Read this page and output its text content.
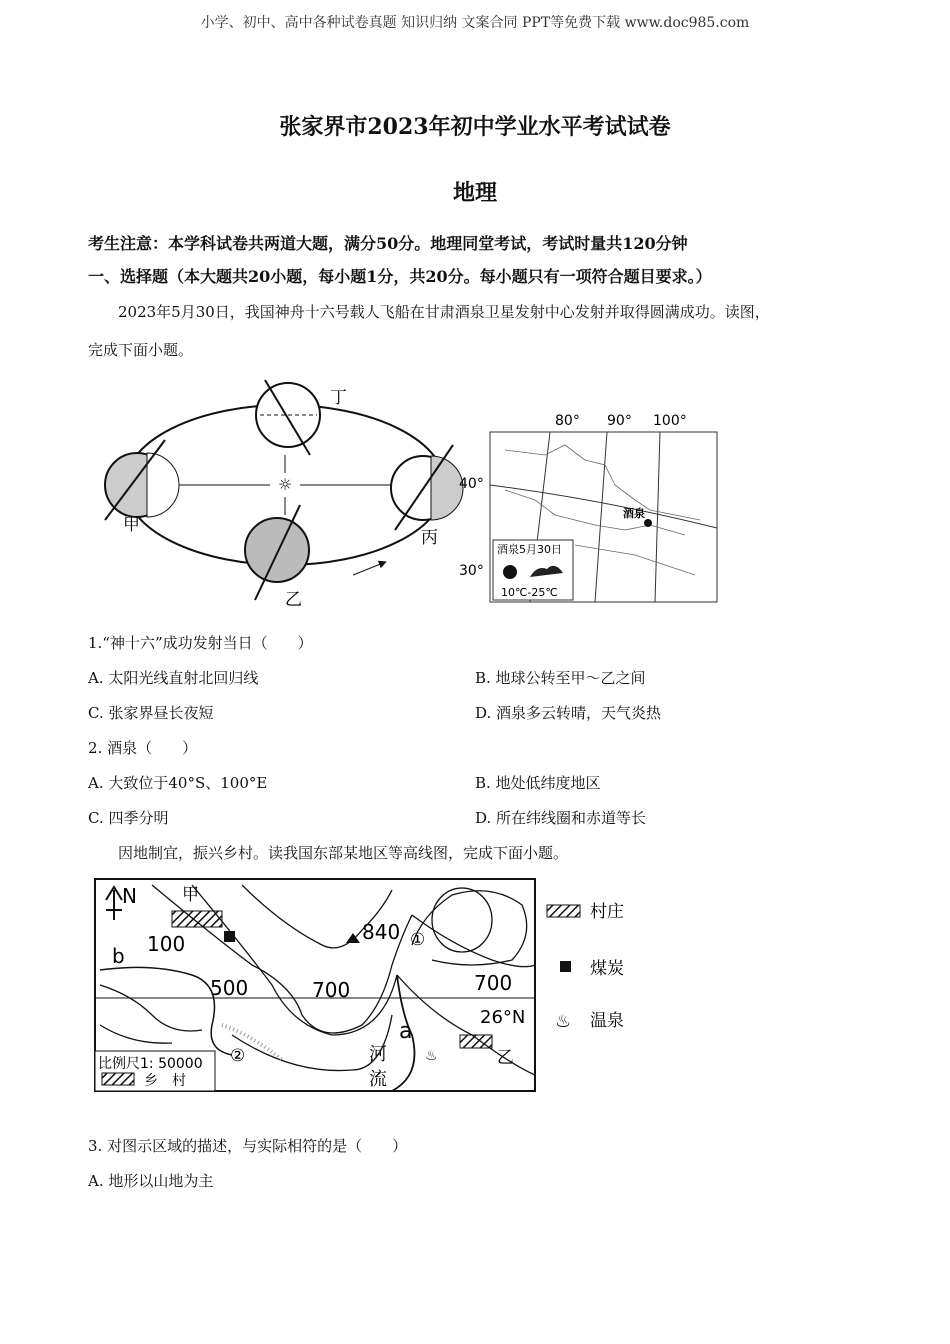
小学、初中、高中各种试卷真题 知识归纳 文案合同 PPT等免费下载 www.doc985.com
张家界市2023年初中学业水平考试试卷
地理
考生注意：本学科试卷共两道大题，满分50分。地理同堂考试，考试时量共120分钟
一、选择题（本大题共20小题，每小题1分，共20分。每小题只有一项符合题目要求。）
2023年5月30日，我国神舟十六号载人飞船在甘肃酒泉卫星发射中心发射并取得圆满成功。读图，
完成下面小题。
☼
丁
甲
丙
乙
80° 90° 100°
40°
30°
酒泉
酒泉5月30日
10℃-25℃
1.“神十六”成功发射当日（　　）
A. 太阳光线直射北回归线	B. 地球公转至甲～乙之间
C. 张家界昼长夜短	D. 酒泉多云转晴，天气炎热
2. 酒泉（　　）
A. 大致位于40°S、100°E	B. 地处低纬度地区
C. 四季分明	D. 所在纬线圈和赤道等长
因地制宜，振兴乡村。读我国东部某地区等高线图，完成下面小题。
N	甲
100
b
500	700	700
840 ①
②
a
26°N
河
流
乙
♨
比例尺1: 50000
乡　村
村庄
煤炭
♨ 温泉
3. 对图示区域的描述，与实际相符的是（　　）
A. 地形以山地为主
